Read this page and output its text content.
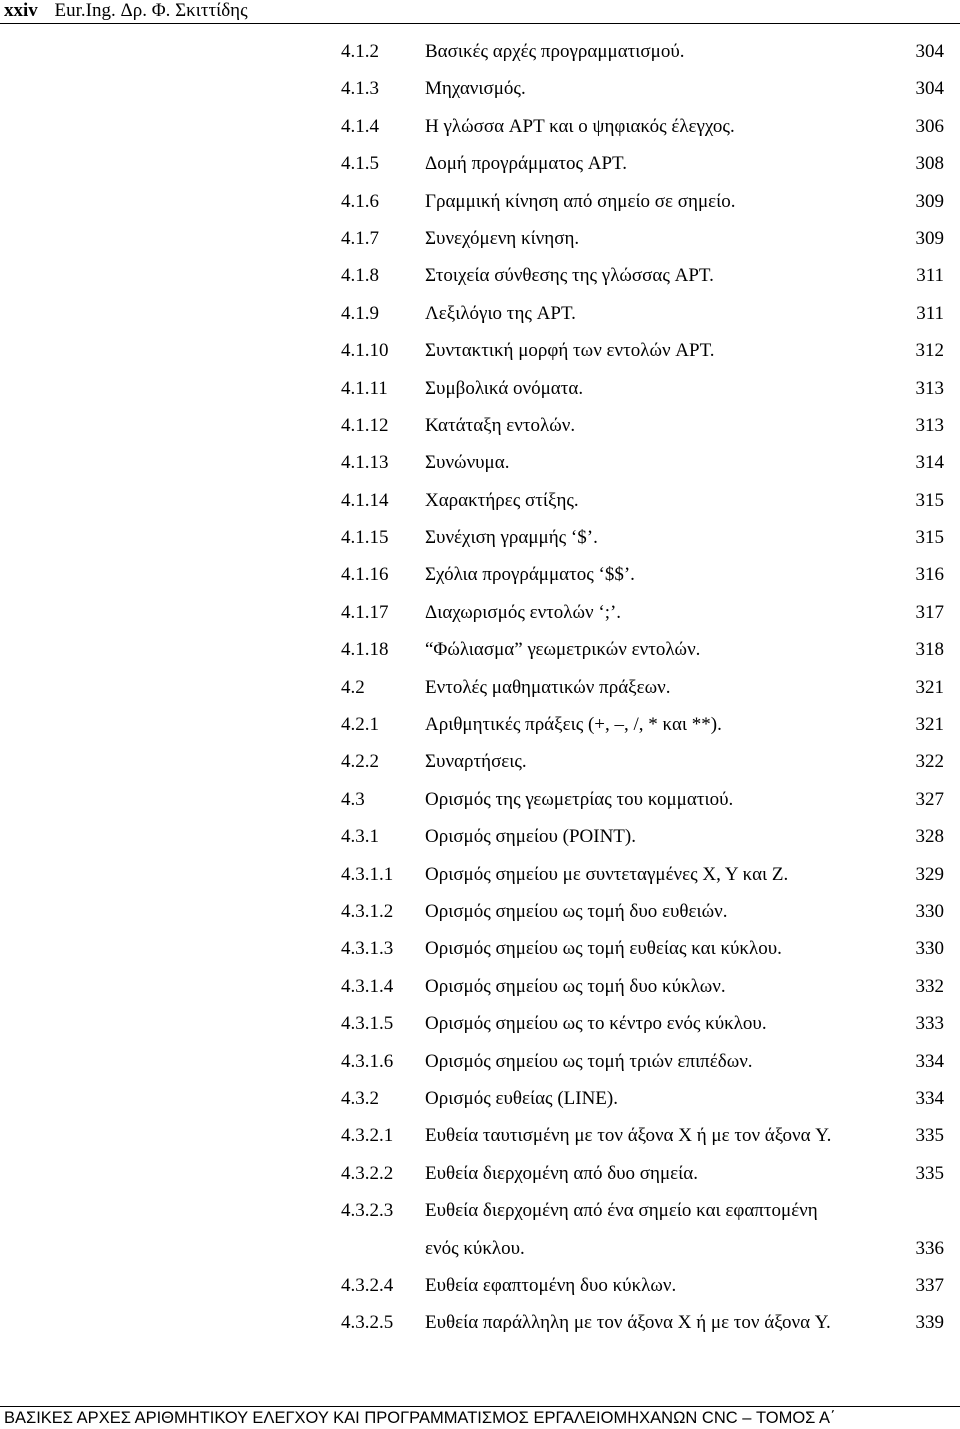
xxiv Eur.Ing. Δρ. Φ. Σκιττίδης
4.1.2 Βασικές αρχές προγραμματισμού.	304
4.1.3 Μηχανισμός.	304
4.1.4 Η γλώσσα APT και ο ψηφιακός έλεγχος.	306
4.1.5 Δομή προγράμματος APT.	308
4.1.6 Γραμμική κίνηση από σημείο σε σημείο.	309
4.1.7 Συνεχόμενη κίνηση.	309
4.1.8 Στοιχεία σύνθεσης της γλώσσας APT.	311
4.1.9 Λεξιλόγιο της APT.	311
4.1.10 Συντακτική μορφή των εντολών APT.	312
4.1.11 Συμβολικά ονόματα.	313
4.1.12 Κατάταξη εντολών.	313
4.1.13 Συνώνυμα.	314
4.1.14 Χαρακτήρες στίξης.	315
4.1.15 Συνέχιση γραμμής ‘$’.	315
4.1.16 Σχόλια προγράμματος ‘$$’.	316
4.1.17 Διαχωρισμός εντολών ‘;’.	317
4.1.18 “Φώλιασμα” γεωμετρικών εντολών.	318
4.2	Εντολές μαθηματικών πράξεων.	321
4.2.1 Αριθμητικές πράξεις (+, –, /, * και **).	321
4.2.2 Συναρτήσεις.	322
4.3	Ορισμός της γεωμετρίας του κομματιού.	327
4.3.1 Ορισμός σημείου (POINT).	328
4.3.1.1 Ορισμός σημείου με συντεταγμένες X, Y και Z.	329
4.3.1.2 Ορισμός σημείου ως τομή δυο ευθειών.	330
4.3.1.3 Ορισμός σημείου ως τομή ευθείας και κύκλου.	330
4.3.1.4 Ορισμός σημείου ως τομή δυο κύκλων.	332
4.3.1.5 Ορισμός σημείου ως το κέντρο ενός κύκλου.	333
4.3.1.6 Ορισμός σημείου ως τομή τριών επιπέδων.	334
4.3.2 Ορισμός ευθείας (LINE).	334
4.3.2.1 Ευθεία ταυτισμένη με τον άξονα X ή με τον άξονα Y.	335
4.3.2.2 Ευθεία διερχομένη από δυο σημεία.	335
4.3.2.3 Ευθεία διερχομένη από ένα σημείο και εφαπτομένη
ενός κύκλου.	336
4.3.2.4 Ευθεία εφαπτομένη δυο κύκλων.	337
4.3.2.5 Ευθεία παράλληλη με τον άξονα X ή με τον άξονα Y.	339
ΒΑΣΙΚΕΣ ΑΡΧΕΣ ΑΡΙΘΜΗΤΙΚΟΥ ΕΛΕΓΧΟΥ ΚΑΙ ΠΡΟΓΡΑΜΜΑΤΙΣΜΟΣ ΕΡΓΑΛΕΙΟΜΗΧΑΝΩΝ CNC – ΤΟΜΟΣ Α΄
